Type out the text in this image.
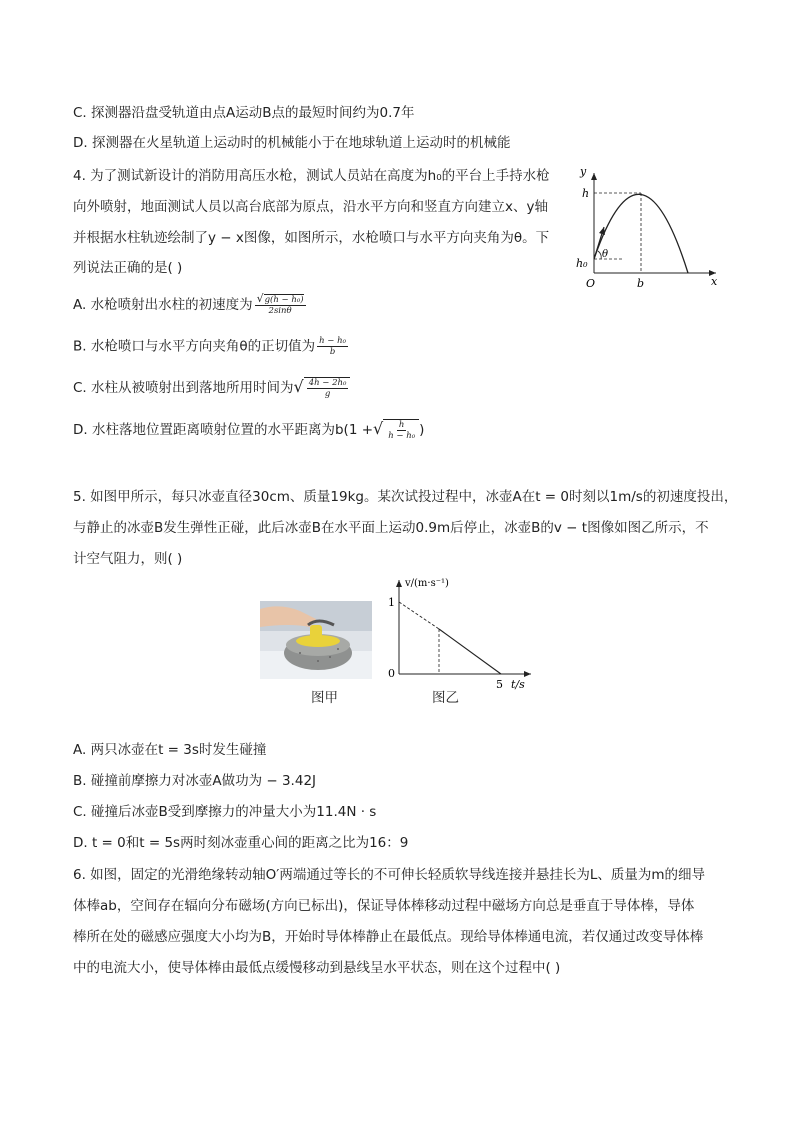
C. 探测器沿盘受轨道由点A运动B点的最短时间约为0.7年
D. 探测器在火星轨道上运动时的机械能小于在地球轨道上运动时的机械能
4. 为了测试新设计的消防用高压水枪，测试人员站在高度为h₀的平台上手持水枪
向外喷射，地面测试人员以高台底部为原点，沿水平方向和竖直方向建立x、y轴
并根据水柱轨迹绘制了y − x图像，如图所示，水枪喷口与水平方向夹角为θ。下
列说法正确的是( )
y
x
O
h
h₀
b
θ
A. 水枪喷射出水柱的初速度为 $\frac{\text{√ g(h − h₀)}}{2\sin\theta}$
B. 水枪喷口与水平方向夹角θ的正切值为 $\frac{\text{h − h₀}}{b}$
C. 水柱从被喷射出到落地所用时间为 √ $\frac{\text{4h − 2h₀}}{g}$
D. 水柱落地位置距离喷射位置的水平距离为b(1 + √ $\frac{h}{\text{h − h₀}}$ )
5. 如图甲所示，每只冰壶直径30cm、质量19kg。某次试投过程中，冰壶A在t = 0时刻以1m/s的初速度投出，
与静止的冰壶B发生弹性正碰，此后冰壶B在水平面上运动0.9m后停止，冰壶B的v − t图像如图乙所示，不
计空气阻力，则( )
图甲
v/(m·s⁻¹)
1
0
5 t/s
图乙
A. 两只冰壶在t = 3s时发生碰撞
B. 碰撞前摩擦力对冰壶A做功为 − 3.42J
C. 碰撞后冰壶B受到摩擦力的冲量大小为11.4N · s
D. t = 0和t = 5s两时刻冰壶重心间的距离之比为16：9
6. 如图，固定的光滑绝缘转动轴O′两端通过等长的不可伸长轻质软导线连接并悬挂长为L、质量为m的细导
体棒ab，空间存在辐向分布磁场(方向已标出)，保证导体棒移动过程中磁场方向总是垂直于导体棒，导体
棒所在处的磁感应强度大小均为B，开始时导体棒静止在最低点。现给导体棒通电流，若仅通过改变导体棒
中的电流大小，使导体棒由最低点缓慢移动到悬线呈水平状态，则在这个过程中( )
